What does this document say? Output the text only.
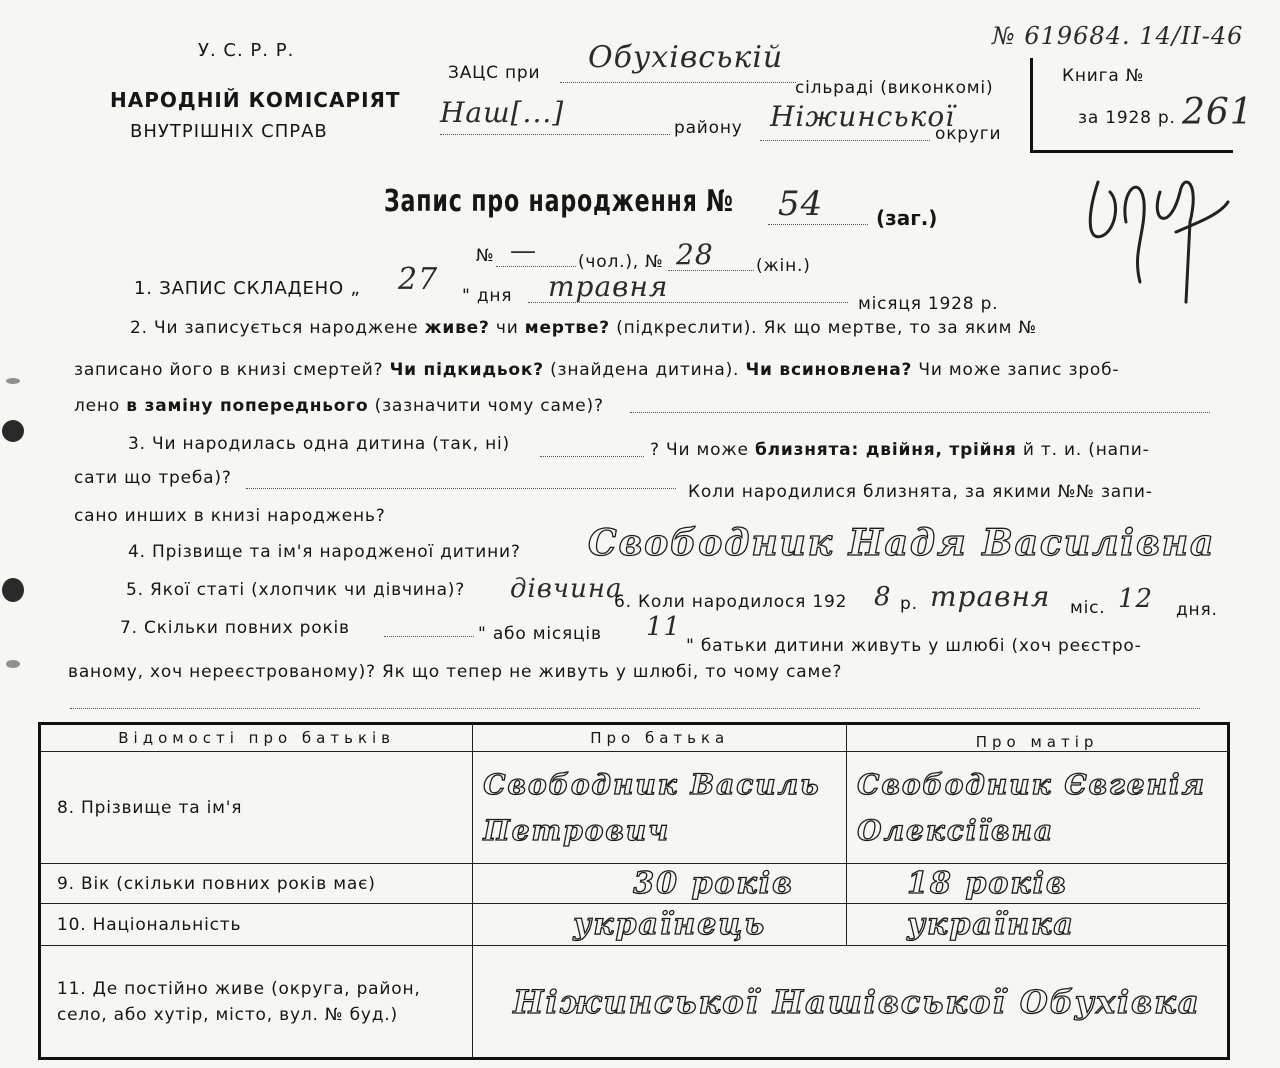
№ 619684. 14/II-46
У. С. Р. Р.
НАРОДНІЙ КОМІСАРІЯТ
ВНУТРІШНІХ СПРАВ
ЗАЦС при Обухівській
сільраді (виконкомі)
Наш[...]	району Ніжинської
округи
Книга №
за 1928 р. 261
Запис про народження № 54	(заг.)
№ — (чол.), № 28 (жін.)
1. ЗАПИС СКЛАДЕНО „ 27 " дня травня
місяця 1928 р.
2. Чи записується народжене живе? чи мертве? (підкреслити). Як що мертве, то за яким №
записано його в книзі смертей? Чи підкидьок? (знайдена дитина). Чи всиновлена? Чи може запис зроб-
лено в заміну попереднього (зазначити чому саме)?
3. Чи народилась одна дитина (так, ні)	? Чи може близнята: двійня, трійня й т. и. (напи-
сати що треба)?
Коли народилися близнята, за якими №№ запи-
сано инших в книзі народжень?
4. Прізвище та ім'я народженої дитини? Свободник Надя Василівна
5. Якої статі (хлопчик чи дівчина)? дівчина
6. Коли народилося 192 8 р. травня міс. 12 дня.
7. Скільки повних років	" або місяців 11
" батьки дитини живуть у шлюбі (хоч реєстро-
ваному, хоч нереєстрованому)? Як що тепер не живуть у шлюбі, то чому саме?
Відомості про батьків	Про батька	Про матір
8. Прізвище та ім'я	Свободник Василь Петрович	Свободник Євгенія Олексіївна

9. Вік (скільки повних років має)	30 років	18 років
10. Національність	українець	українка
11. Де постійно живе (округа, район, село, або хутір, місто, вул. № буд.)	Ніжинської Нашівської Обухівка	
